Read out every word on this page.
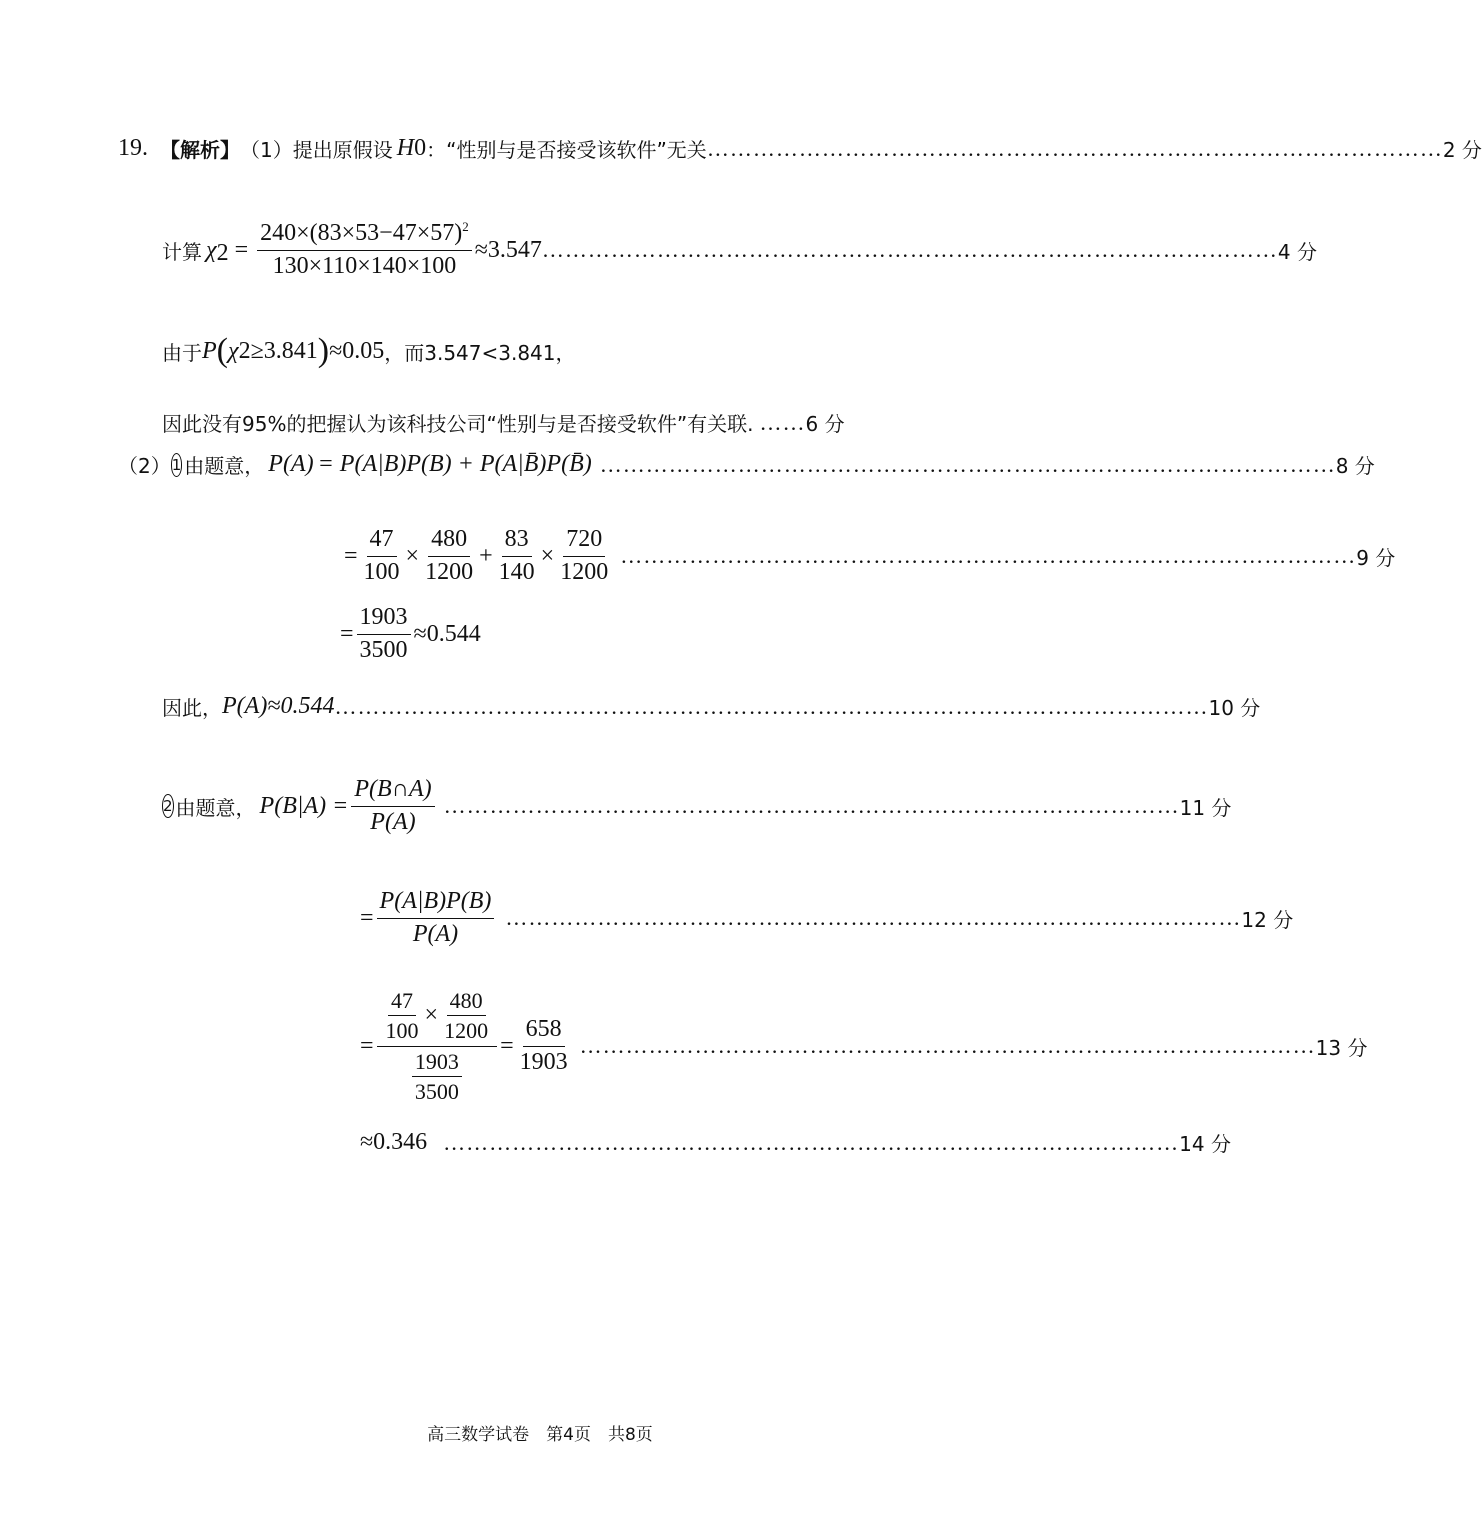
19. 【解析】 （1） 提出原假设 H 0 ：“性别与是否接受该软件”无关 …………………………………………………………………………………… 2 分
计算 χ $2 = \frac{240\times(83\times 53-47\times 57)^2}{130\times 110\times 140\times 100} \approx 3.547$ …………………………………………………………………………………… 4 分
由于 P ( χ 2 ≥3.841 ) ≈0.05 ，而3.547<3.841，
因此没有95%的把握认为该科技公司“性别与是否接受软件”有关联. …… 6 分
（2） 1 由题意， P(A) = P(A|B)P(B) + P(A|B̄)P(B̄) …………………………………………………………………………………… 8 分
= $\frac{47}{100} \times \frac{480}{1200} + \frac{83}{140} \times \frac{720}{1200}$ …………………………………………………………………………………… 9 分
= $\frac{1903}{3500} \approx 0.544$
因此， P(A)≈0.544 …………………………………………………………………………………………………… 10 分
2 由题意， $P(B|A) = \frac{P(B\cap A)}{P(A)}$ …………………………………………………………………………………… 11 分
= $\frac{P(A|B)P(B)}{P(A)}$ …………………………………………………………………………………… 12 分
= $\frac{\frac{47}{100} \times \frac{480}{1200}}{\frac{1903}{3500}} = \frac{658}{1903}$ …………………………………………………………………………………… 13 分
≈0.346 …………………………………………………………………………………… 14 分
高三数学试卷　第4页　共8页
